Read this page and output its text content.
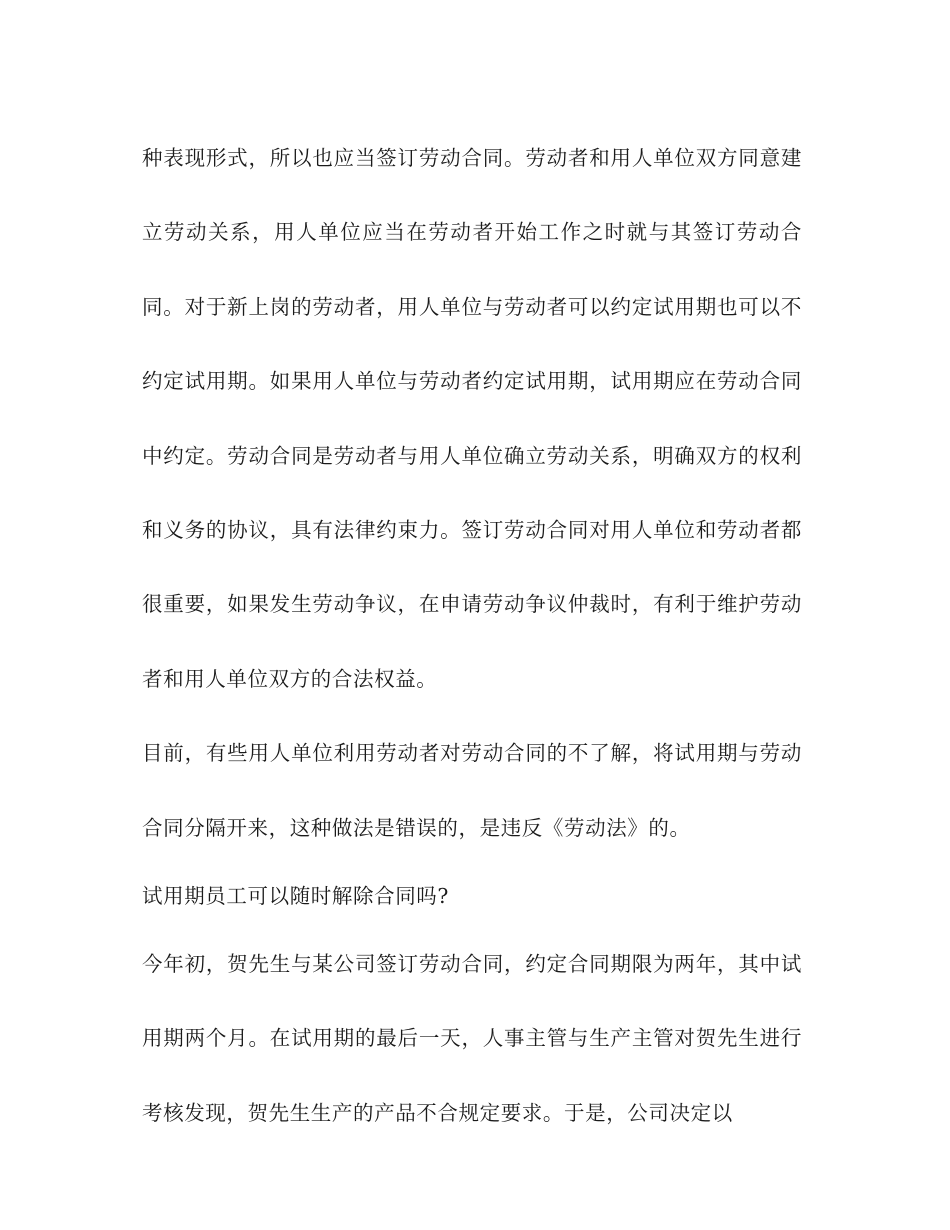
种表现形式，所以也应当签订劳动合同。劳动者和用人单位双方同意建立劳动关系，用人单位应当在劳动者开始工作之时就与其签订劳动合同。对于新上岗的劳动者，用人单位与劳动者可以约定试用期也可以不约定试用期。如果用人单位与劳动者约定试用期，试用期应在劳动合同中约定。劳动合同是劳动者与用人单位确立劳动关系，明确双方的权利和义务的协议，具有法律约束力。签订劳动合同对用人单位和劳动者都很重要，如果发生劳动争议，在申请劳动争议仲裁时，有利于维护劳动者和用人单位双方的合法权益。

目前，有些用人单位利用劳动者对劳动合同的不了解，将试用期与劳动合同分隔开来，这种做法是错误的，是违反《劳动法》的。

试用期员工可以随时解除合同吗?

今年初，贺先生与某公司签订劳动合同，约定合同期限为两年，其中试用期两个月。在试用期的最后一天，人事主管与生产主管对贺先生进行考核发现，贺先生生产的产品不合规定要求。于是，公司决定以
